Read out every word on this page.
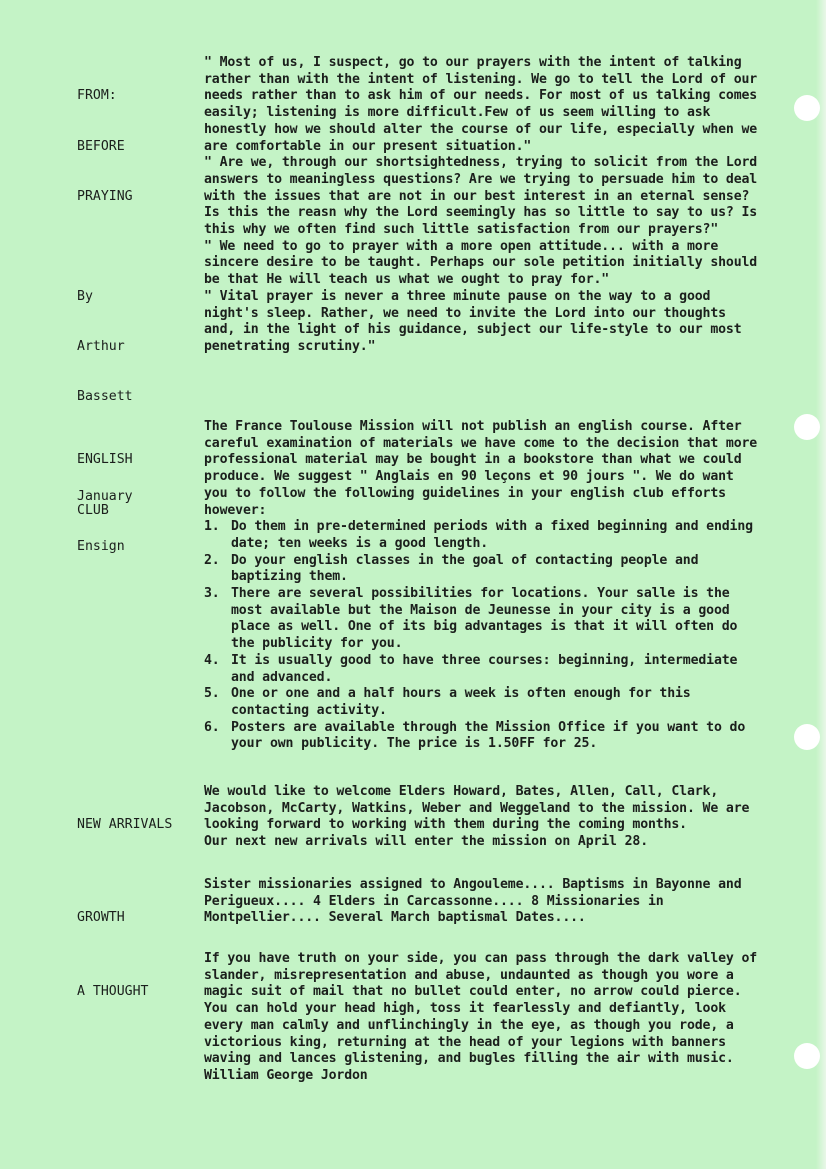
FROM:

BEFORE

PRAYING

By

Arthur

Bassett

January

Ensign

" Most of us, I suspect, go to our prayers with the intent of talking rather than with the intent of listening. We go to tell the Lord of our needs rather than to ask him of our needs. For most of us talking comes easily; listening is more difficult.Few of us seem willing to ask honestly how we should alter the course of our life, especially when we are comfortable in our present situation."

" Are we, through our shortsightedness, trying to solicit from the Lord answers to meaningless questions? Are we trying to persuade him to deal with the issues that are not in our best interest in an eternal sense? Is this the reasn why the Lord seemingly has so little to say to us? Is this why we often find such little satisfaction from our prayers?"

" We need to go to prayer with a more open attitude... with a more sincere desire to be taught. Perhaps our sole petition initially should be that He will teach us what we ought to pray for."

" Vital prayer is never a three minute pause on the way to a good night's sleep. Rather, we need to invite the Lord into our thoughts and, in the light of his guidance, subject our life-style to our most penetrating scrutiny."

ENGLISH

CLUB

The France Toulouse Mission will not publish an english course. After careful examination of materials we have come to the decision that more professional material may be bought in a bookstore than what we could produce. We suggest " Anglais en 90 leçons et 90 jours ". We do want you to follow the following guidelines in your english club efforts however:

1. Do them in pre-determined periods with a fixed beginning and ending date; ten weeks is a good length.
2. Do your english classes in the goal of contacting people and baptizing them.
3. There are several possibilities for locations. Your salle is the most available but the Maison de Jeunesse in your city is a good place as well. One of its big advantages is that it will often do the publicity for you.
4. It is usually good to have three courses: beginning, intermediate and advanced.
5. One or one and a half hours a week is often enough for this contacting activity.
6. Posters are available through the Mission Office if you want to do your own publicity. The price is 1.50FF for 25.

NEW ARRIVALS

We would like to welcome Elders Howard, Bates, Allen, Call, Clark, Jacobson, McCarty, Watkins, Weber and Weggeland to the mission. We are looking forward to working with them during the coming months.

Our next new arrivals will enter the mission on April 28.

GROWTH

Sister missionaries assigned to Angouleme.... Baptisms in Bayonne and Perigueux.... 4 Elders in Carcassonne.... 8 Missionaries in Montpellier.... Several March baptismal Dates....

A THOUGHT

If you have truth on your side, you can pass through the dark valley of slander, misrepresentation and abuse, undaunted as though you wore a magic suit of mail that no bullet could enter, no arrow could pierce. You can hold your head high, toss it fearlessly and defiantly, look every man calmly and unflinchingly in the eye, as though you rode, a victorious king, returning at the head of your legions with banners waving and lances glistening, and bugles filling the air with music.    William George Jordon
